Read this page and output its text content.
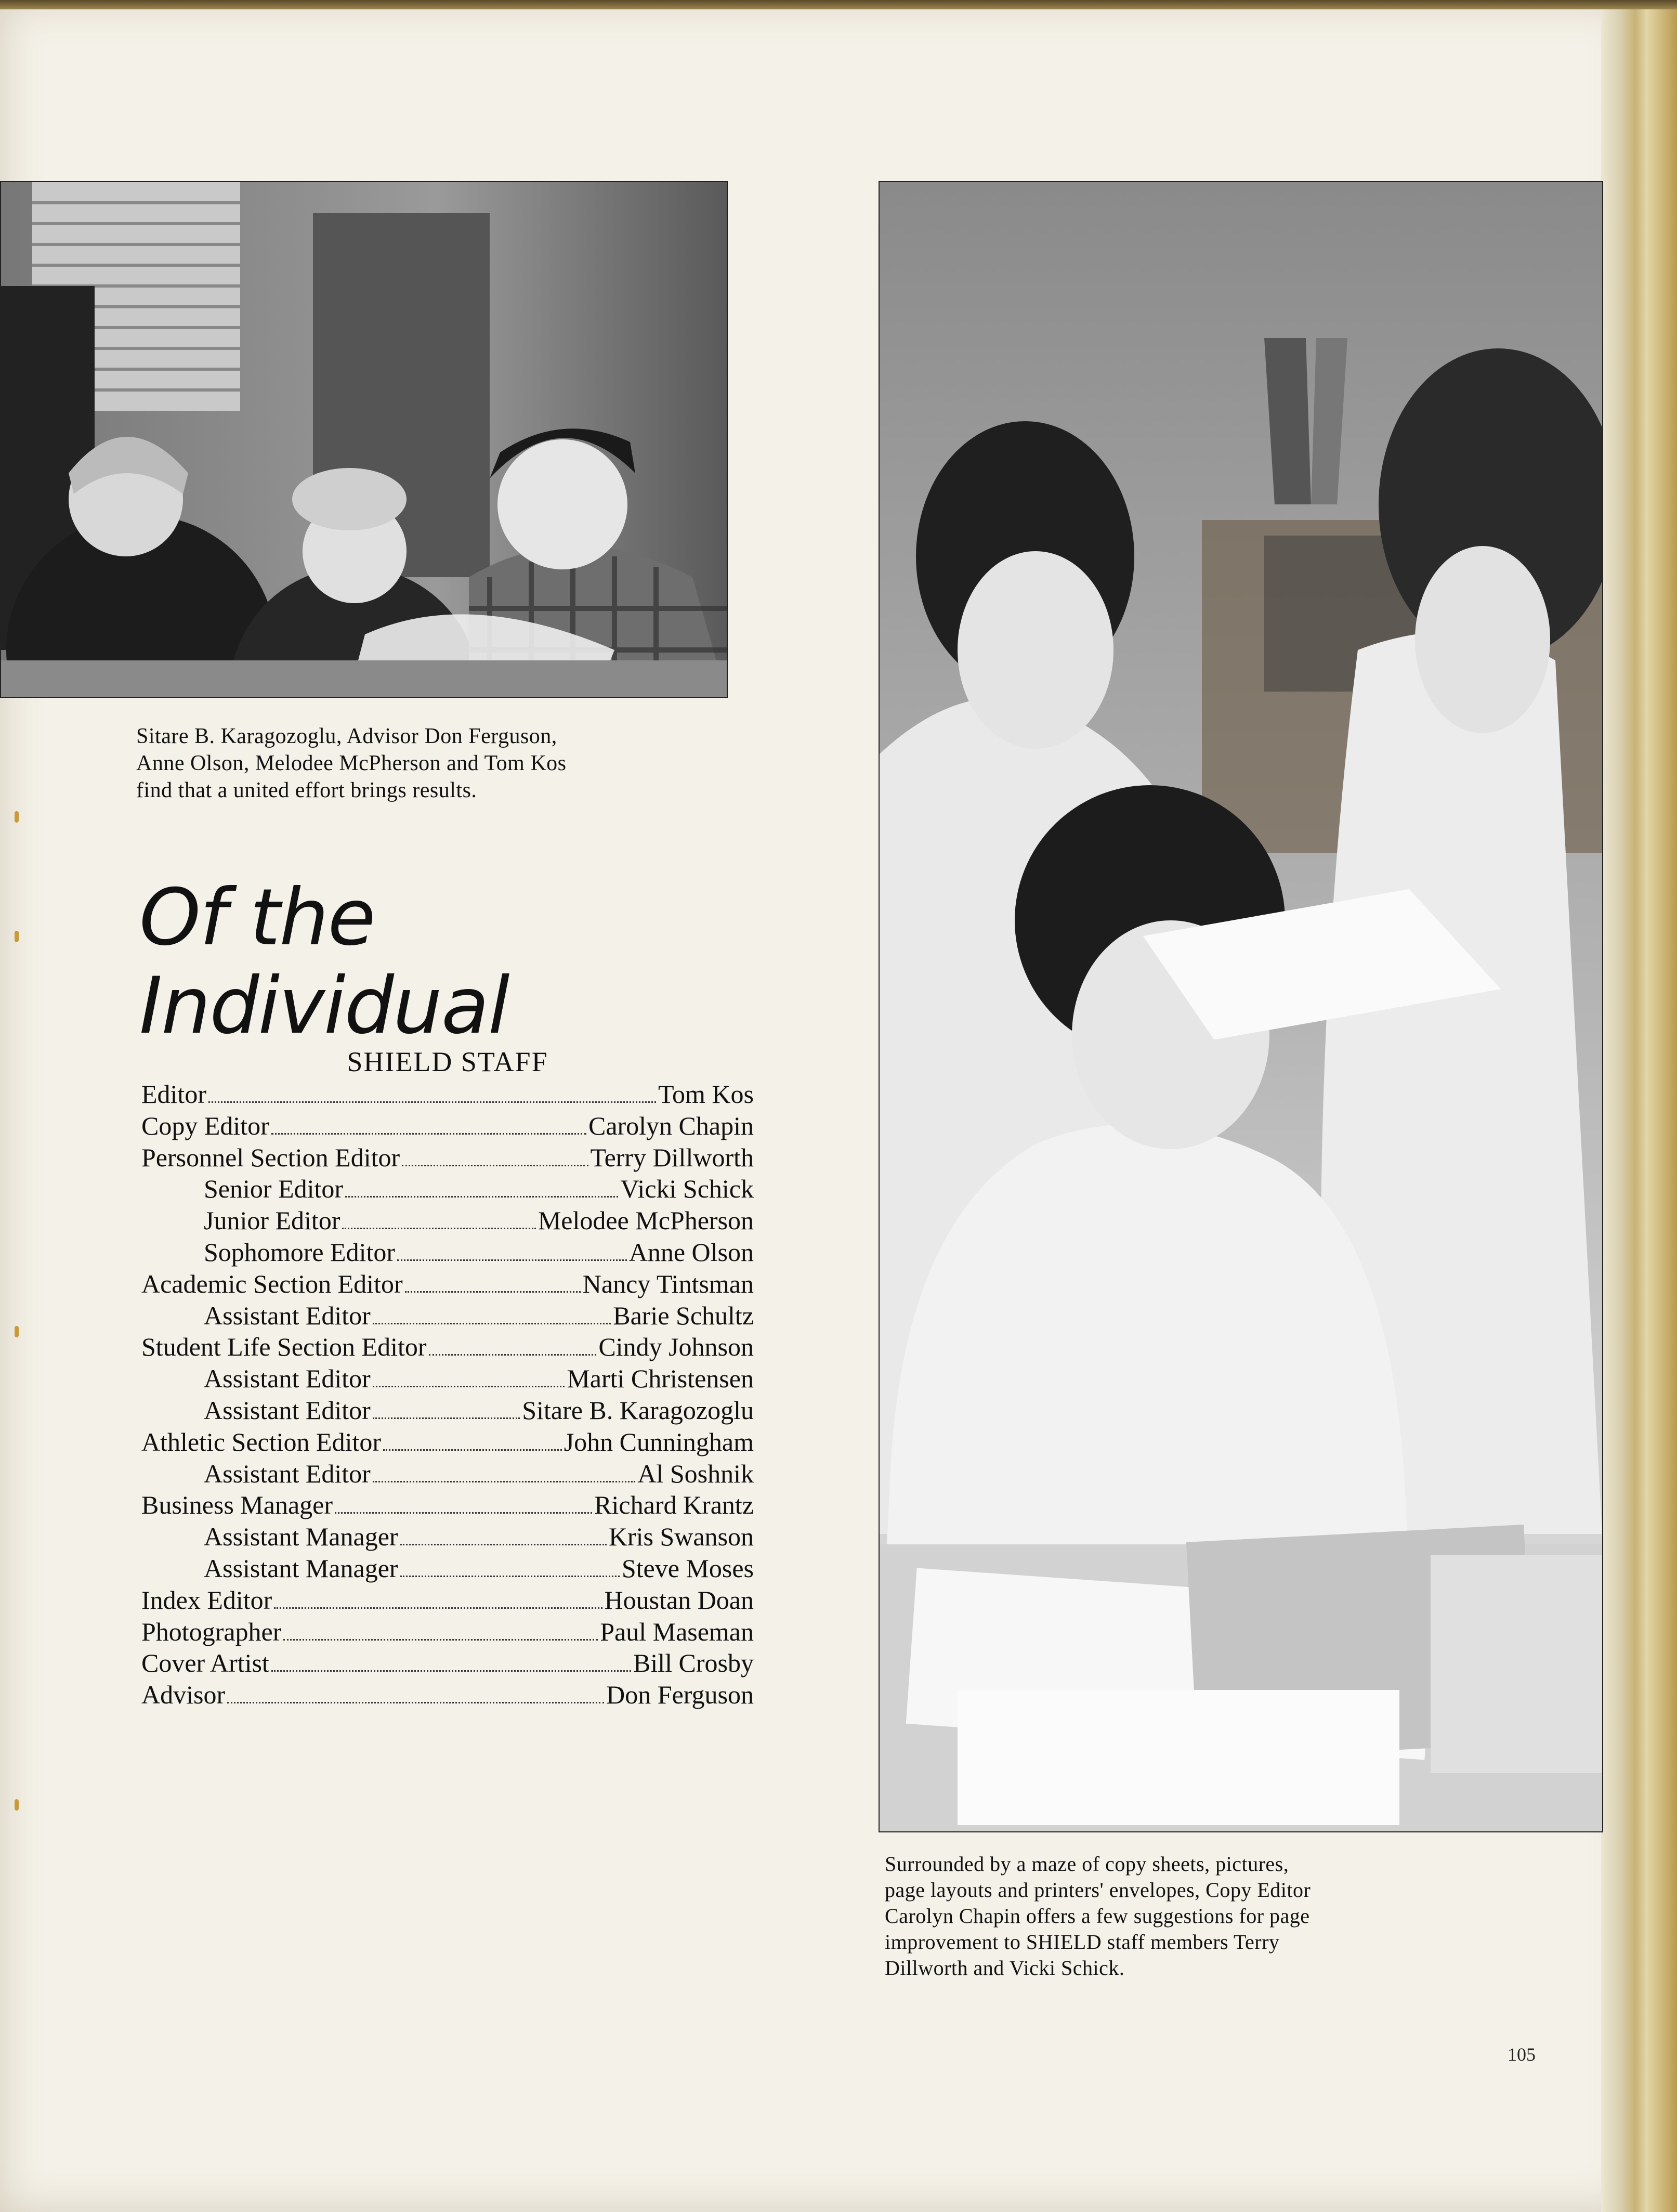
Sitare B. Karagozoglu, Advisor Don Ferguson,
Anne Olson, Melodee McPherson and Tom Kos
find that a united effort brings results.
Of the Individual
SHIELD STAFF
Editor	Tom Kos
Copy Editor	Carolyn Chapin
Personnel Section Editor	Terry Dillworth
Senior Editor	Vicki Schick
Junior Editor	Melodee McPherson
Sophomore Editor	Anne Olson
Academic Section Editor	Nancy Tintsman
Assistant Editor	Barie Schultz
Student Life Section Editor	Cindy Johnson
Assistant Editor	Marti Christensen
Assistant Editor	Sitare B. Karagozoglu
Athletic Section Editor	John Cunningham
Assistant Editor	Al Soshnik
Business Manager	Richard Krantz
Assistant Manager	Kris Swanson
Assistant Manager	Steve Moses
Index Editor	Houstan Doan
Photographer	Paul Maseman
Cover Artist	Bill Crosby
Advisor	Don Ferguson
Surrounded by a maze of copy sheets, pictures,
page layouts and printers' envelopes, Copy Editor
Carolyn Chapin offers a few suggestions for page
improvement to SHIELD staff members Terry
Dillworth and Vicki Schick.
105
